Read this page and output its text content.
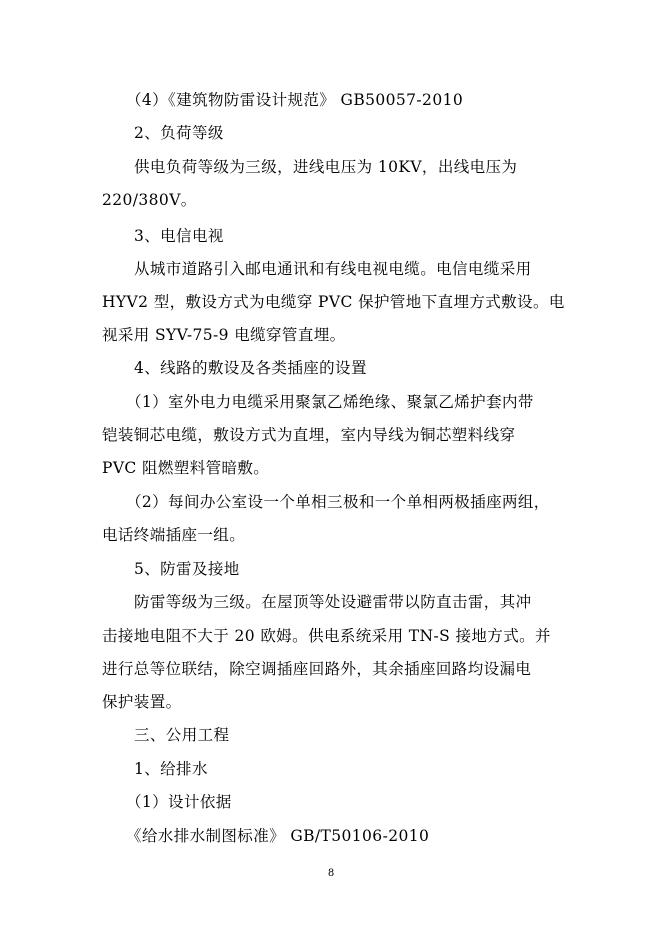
（4）《建筑物防雷设计规范》 GB50057-2010
2、负荷等级
供电负荷等级为三级，进线电压为 10KV，出线电压为
220/380V。
3、电信电视
从城市道路引入邮电通讯和有线电视电缆。电信电缆采用
HYV2 型，敷设方式为电缆穿 PVC 保护管地下直埋方式敷设。电
视采用 SYV-75-9 电缆穿管直埋。
4、线路的敷设及各类插座的设置
（1）室外电力电缆采用聚氯乙烯绝缘、聚氯乙烯护套内带
铠装铜芯电缆，敷设方式为直埋，室内导线为铜芯塑料线穿
PVC 阻燃塑料管暗敷。
（2）每间办公室设一个单相三极和一个单相两极插座两组，
电话终端插座一组。
5、防雷及接地
防雷等级为三级。在屋顶等处设避雷带以防直击雷，其冲
击接地电阻不大于 20 欧姆。供电系统采用 TN-S 接地方式。并
进行总等位联结，除空调插座回路外，其余插座回路均设漏电
保护装置。
三、公用工程
1、给排水
（1）设计依据
《给水排水制图标准》 GB/T50106-2010
8
